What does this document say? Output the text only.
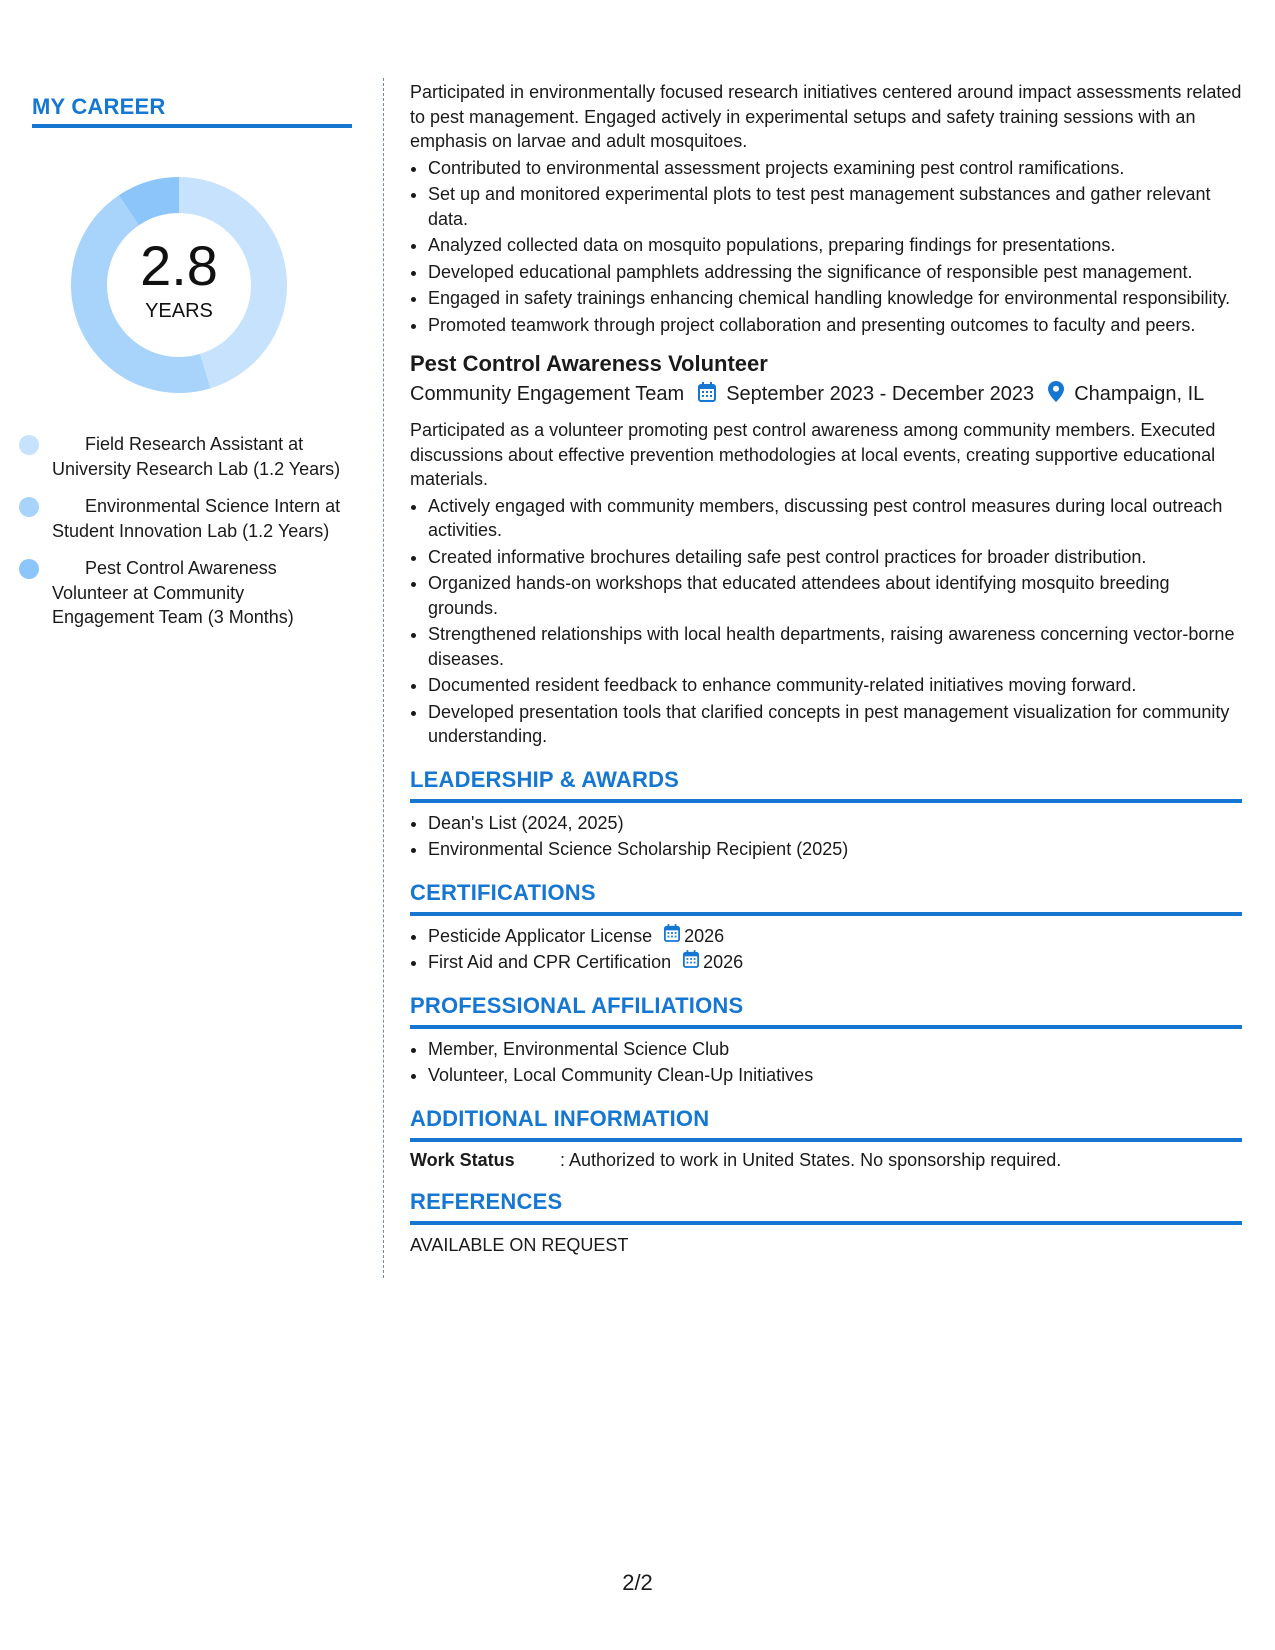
MY CAREER
2.8
YEARS
Field Research Assistant at University Research Lab (1.2 Years)
Environmental Science Intern at Student Innovation Lab (1.2 Years)
Pest Control Awareness Volunteer at Community Engagement Team (3 Months)

Participated in environmentally focused research initiatives centered around impact assessments related to pest management. Engaged actively in experimental setups and safety training sessions with an emphasis on larvae and adult mosquitoes.

• Contributed to environmental assessment projects examining pest control ramifications.
• Set up and monitored experimental plots to test pest management substances and gather relevant data.
• Analyzed collected data on mosquito populations, preparing findings for presentations.
• Developed educational pamphlets addressing the significance of responsible pest management.
• Engaged in safety trainings enhancing chemical handling knowledge for environmental responsibility.
• Promoted teamwork through project collaboration and presenting outcomes to faculty and peers.
Pest Control Awareness Volunteer
Community Engagement Team September 2023 - December 2023 Champaign, IL

Participated as a volunteer promoting pest control awareness among community members. Executed discussions about effective prevention methodologies at local events, creating supportive educational materials.

• Actively engaged with community members, discussing pest control measures during local outreach activities.
• Created informative brochures detailing safe pest control practices for broader distribution.
• Organized hands-on workshops that educated attendees about identifying mosquito breeding grounds.
• Strengthened relationships with local health departments, raising awareness concerning vector-borne diseases.
• Documented resident feedback to enhance community-related initiatives moving forward.
• Developed presentation tools that clarified concepts in pest management visualization for community understanding.
LEADERSHIP & AWARDS
• Dean's List (2024, 2025)
• Environmental Science Scholarship Recipient (2025)
CERTIFICATIONS
• Pesticide Applicator License 2026
• First Aid and CPR Certification 2026
PROFESSIONAL AFFILIATIONS
• Member, Environmental Science Club
• Volunteer, Local Community Clean-Up Initiatives
ADDITIONAL INFORMATION
Work Status	: Authorized to work in United States. No sponsorship required.
REFERENCES

AVAILABLE ON REQUEST

2/2
